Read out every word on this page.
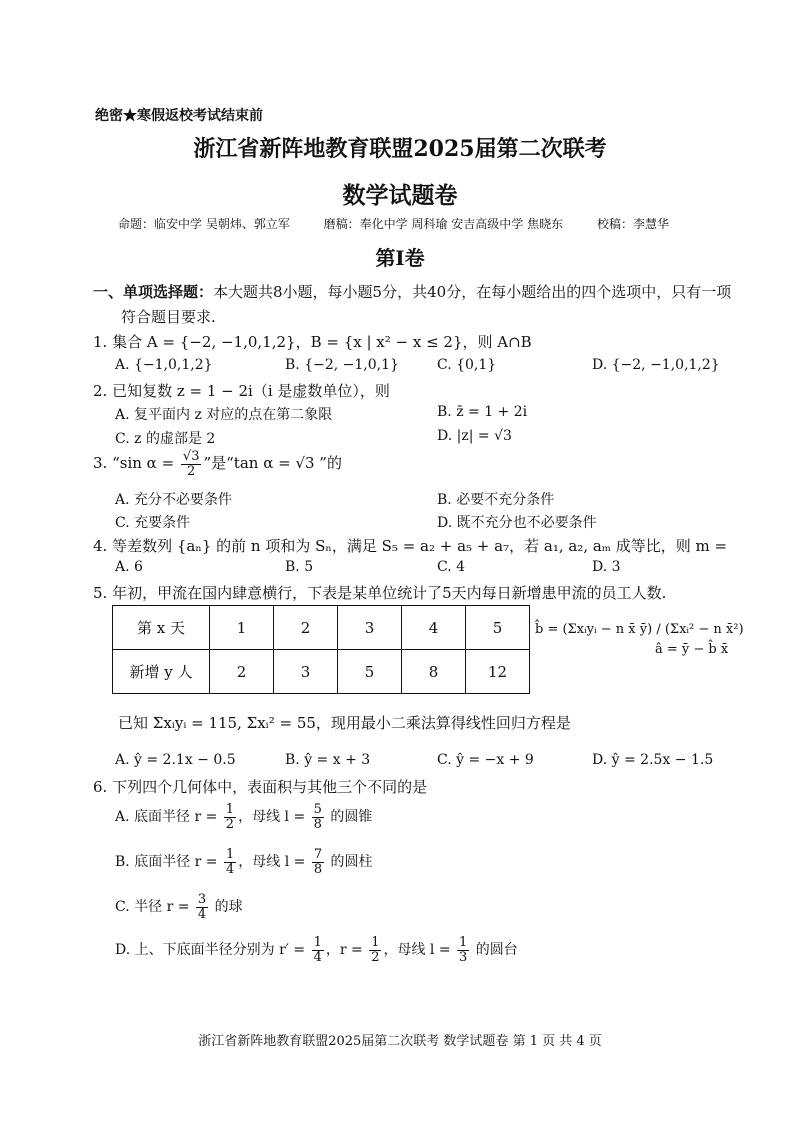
绝密★寒假返校考试结束前
浙江省新阵地教育联盟2025届第二次联考
数学试题卷
命题：临安中学 吴朝炜、郭立军	磨稿：奉化中学 周科瑜 安吉高级中学 焦晓东	校稿：李慧华
第Ⅰ卷
一、单项选择题：本大题共8小题，每小题5分，共40分，在每小题给出的四个选项中，只有一项
符合题目要求.
1. 集合 A = {−2, −1,0,1,2}，B = {x | x² − x ≤ 2}，则 A∩B
A. {−1,0,1,2}	B. {−2, −1,0,1}	C. {0,1}	D. {−2, −1,0,1,2}
2. 已知复数 z = 1 − 2i（i 是虚数单位），则
A. 复平面内 z 对应的点在第二象限	B. z̄ = 1 + 2i
C. z 的虚部是 2	D. |z| = √3
3. “sin $\alpha = \frac{√3}{2}$ ”是“tan α = √3 ”的
A. 充分不必要条件	B. 必要不充分条件
C. 充要条件	D. 既不充分也不必要条件
4. 等差数列 {aₙ} 的前 n 项和为 Sₙ，满足 S₅ = a₂ + a₅ + a₇，若 a₁, a₂, aₘ 成等比，则 m =
A. 6	B. 5	C. 4	D. 3
5. 年初，甲流在国内肆意横行，下表是某单位统计了5天内每日新增患甲流的员工人数.
第 x 天	1	2	3	4	5
新增 y 人	2	3	5	8	12
b̂ = (Σxᵢyᵢ − n x̄ ȳ) / (Σxᵢ² − n x̄²)
â = ȳ − b̂ x̄
已知 Σxᵢyᵢ = 115, Σxᵢ² = 55，现用最小二乘法算得线性回归方程是
A. ŷ = 2.1x − 0.5	B. ŷ = x + 3	C. ŷ = −x + 9	D. ŷ = 2.5x − 1.5
6. 下列四个几何体中，表面积与其他三个不同的是
A. 底面半径 $r = \frac{1}{2}$ ，母线 $l = \frac{5}{8}$ 的圆锥
B. 底面半径 $r = \frac{1}{4}$ ，母线 $l = \frac{7}{8}$ 的圆柱
C. 半径 $r = \frac{3}{4}$ 的球
D. 上、下底面半径分别为 $r' = \frac{1}{4}$ ，$r = \frac{1}{2}$ ，母线 $l = \frac{1}{3}$ 的圆台
浙江省新阵地教育联盟2025届第二次联考 数学试题卷 第 1 页 共 4 页
